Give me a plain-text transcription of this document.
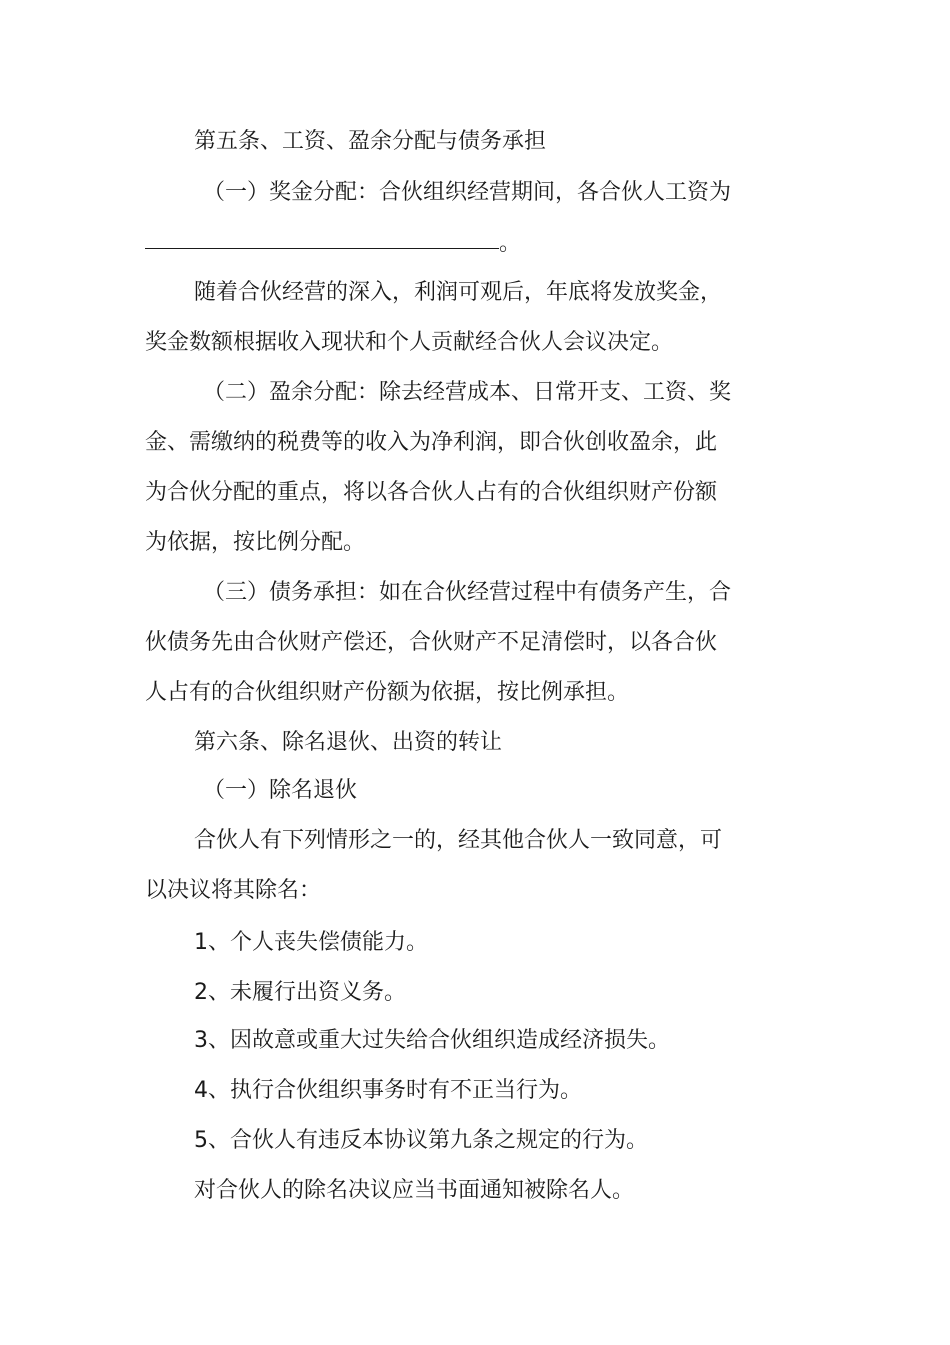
第五条、工资、盈余分配与债务承担
（一）奖金分配：合伙组织经营期间，各合伙人工资为
。
随着合伙经营的深入，利润可观后，年底将发放奖金，
奖金数额根据收入现状和个人贡献经合伙人会议决定。
（二）盈余分配：除去经营成本、日常开支、工资、奖
金、需缴纳的税费等的收入为净利润，即合伙创收盈余，此
为合伙分配的重点，将以各合伙人占有的合伙组织财产份额
为依据，按比例分配。
（三）债务承担：如在合伙经营过程中有债务产生，合
伙债务先由合伙财产偿还，合伙财产不足清偿时，以各合伙
人占有的合伙组织财产份额为依据，按比例承担。
第六条、除名退伙、出资的转让
（一）除名退伙
合伙人有下列情形之一的，经其他合伙人一致同意，可
以决议将其除名：
1、个人丧失偿债能力。
2、未履行出资义务。
3、因故意或重大过失给合伙组织造成经济损失。
4、执行合伙组织事务时有不正当行为。
5、合伙人有违反本协议第九条之规定的行为。
对合伙人的除名决议应当书面通知被除名人。
